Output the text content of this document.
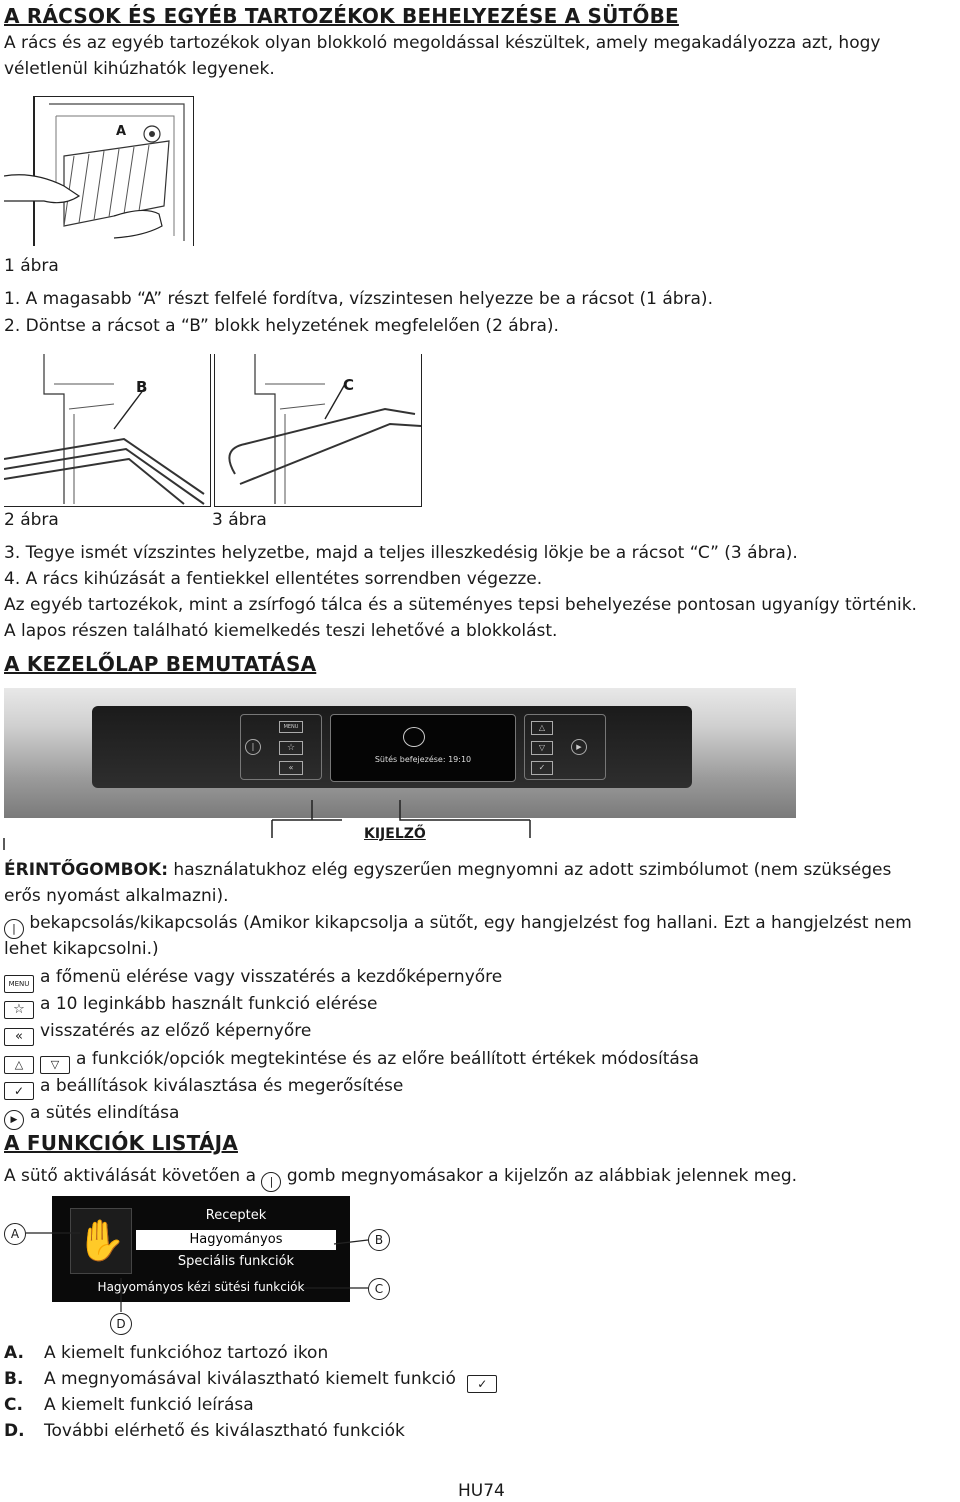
A RÁCSOK ÉS EGYÉB TARTOZÉKOK BEHELYEZÉSE A SÜTŐBE
A rács és az egyéb tartozékok olyan blokkoló megoldással készültek, amely megakadályozza azt, hogy
véletlenül kihúzhatók legyenek.
A
1 ábra
1. A magasabb “A” részt felfelé fordítva, vízszintesen helyezze be a rácsot (1 ábra).
2. Döntse a rácsot a “B” blokk helyzetének megfelelően (2 ábra).
B	C
2 ábra	3 ábra
3. Tegye ismét vízszintes helyzetbe, majd a teljes illeszkedésig lökje be a rácsot “C” (3 ábra).
4. A rács kihúzását a fentiekkel ellentétes sorrendben végezze.
Az egyéb tartozékok, mint a zsírfogó tálca és a süteményes tepsi behelyezése pontosan ugyanígy történik.
A lapos részen található kiemelkedés teszi lehetővé a blokkolást.
A KEZELŐLAP BEMUTATÁSA
MENU
☆
«
|
Sütés befejezése: 19:10
△
▽
✓
▶
KIJELZŐ
ÉRINTŐGOMBOK: használatukhoz elég egyszerűen megnyomni az adott szimbólumot (nem szükséges
erős nyomást alkalmazni).
| bekapcsolás/kikapcsolás (Amikor kikapcsolja a sütőt, egy hangjelzést fog hallani. Ezt a hangjelzést nem
lehet kikapcsolni.)
MENU a főmenü elérése vagy visszatérés a kezdőképernyőre
☆ a 10 leginkább használt funkció elérése
« visszatérés az előző képernyőre
△	▽ a funkciók/opciók megtekintése és az előre beállított értékek módosítása
✓ a beállítások kiválasztása és megerősítése
▶ a sütés elindítása
A FUNKCIÓK LISTÁJA
A sütő aktiválását követően a | gomb megnyomásakor a kijelzőn az alábbiak jelennek meg.
✋
Receptek
Hagyományos
Speciális funkciók
Hagyományos kézi sütési funkciók
A	B
C
D
A. A kiemelt funkcióhoz tartozó ikon
B. A megnyomásával kiválasztható kiemelt funkció ✓
C. A kiemelt funkció leírása
D. További elérhető és kiválasztható funkciók
HU74
